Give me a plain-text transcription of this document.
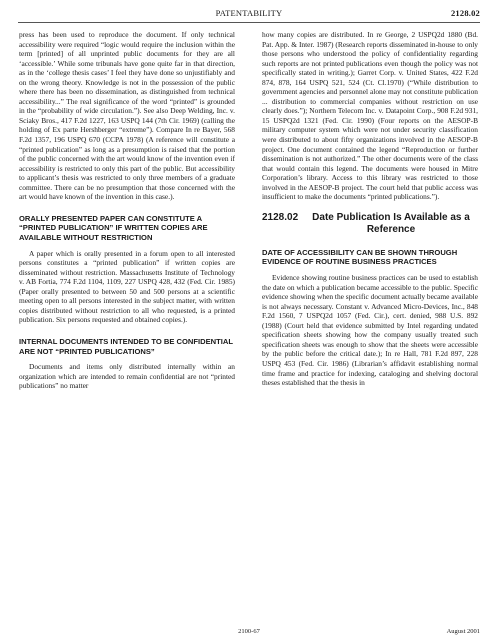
PATENTABILITY	2128.02

press has been used to reproduce the document. If only technical accessibility were required “logic would require the inclusion within the term [printed] of all unprinted public documents for they are all ‘accessible.’ While some tribunals have gone quite far in that direction, as in the ‘college thesis cases’ I feel they have done so unjustifiably and on the wrong theory. Knowledge is not in the possession of the public where there has been no dissemination, as distinguished from technical accessibility...” The real significance of the word “printed” is grounded in the “probability of wide circulation.”). See also Deep Welding, Inc. v. Sciaky Bros., 417 F.2d 1227, 163 USPQ 144 (7th Cir. 1969) (calling the holding of Ex parte Hershberger “extreme”). Compare In re Bayer, 568 F.2d 1357, 196 USPQ 670 (CCPA 1978) (A reference will constitute a “printed publication” as long as a presumption is raised that the portion of the public concerned with the art would know of the invention even if accessibility is restricted to only this part of the public. But accessibility to applicant’s thesis was restricted to only three members of a graduate committee. There can be no presumption that those concerned with the art would have known of the invention in this case.).

ORALLY PRESENTED PAPER CAN CONSTITUTE A “PRINTED PUBLICATION” IF WRITTEN COPIES ARE AVAILABLE WITHOUT RESTRICTION

A paper which is orally presented in a forum open to all interested persons constitutes a “printed publication” if written copies are disseminated without restriction. Massachusetts Institute of Technology v. AB Fortia, 774 F.2d 1104, 1109, 227 USPQ 428, 432 (Fed. Cir. 1985) (Paper orally presented to between 50 and 500 persons at a scientific meeting open to all persons interested in the subject matter, with written copies distributed without restriction to all who requested, is a printed publication. Six persons requested and obtained copies.).

INTERNAL DOCUMENTS INTENDED TO BE CONFIDENTIAL ARE NOT “PRINTED PUBLICATIONS”

Documents and items only distributed internally within an organization which are intended to remain confidential are not “printed publications” no matter

how many copies are distributed. In re George, 2 USPQ2d 1880 (Bd. Pat. App. & Inter. 1987) (Research reports disseminated in-house to only those persons who understood the policy of confidentiality regarding such reports are not printed publications even though the policy was not specifically stated in writing.); Garret Corp. v. United States, 422 F.2d 874, 878, 164 USPQ 521, 524 (Ct. Cl.1970) (“While distribution to government agencies and personnel alone may not constitute publication ... distribution to commercial companies without restriction on use clearly does.”); Northern Telecom Inc. v. Datapoint Corp., 908 F.2d 931, 15 USPQ2d 1321 (Fed. Cir. 1990) (Four reports on the AESOP-B military computer system which were not under security classification were distributed to about fifty organizations involved in the AESOP-B project. One document contained the legend “Reproduction or further dissemination is not authorized.” The other documents were of the class that would contain this legend. The documents were housed in Mitre Corporation’s library. Access to this library was restricted to those involved in the AESOP-B project. The court held that public access was insufficient to make the documents “printed publications.”).

2128.02	Date Publication Is Available as a Reference
DATE OF ACCESSIBILITY CAN BE SHOWN THROUGH EVIDENCE OF ROUTINE BUSINESS PRACTICES

Evidence showing routine business practices can be used to establish the date on which a publication became accessible to the public. Specific evidence showing when the specific document actually became available is not always necessary. Constant v. Advanced Micro-Devices, Inc., 848 F.2d 1560, 7 USPQ2d 1057 (Fed. Cir.), cert. denied, 988 U.S. 892 (1988) (Court held that evidence submitted by Intel regarding undated specification sheets showing how the company usually treated such specification sheets was enough to show that the sheets were accessible by the public before the critical date.); In re Hall, 781 F.2d 897, 228 USPQ 453 (Fed. Cir. 1986) (Librarian’s affidavit establishing normal time frame and practice for indexing, cataloging and shelving doctoral theses established that the thesis in

2100-67	August 2001
